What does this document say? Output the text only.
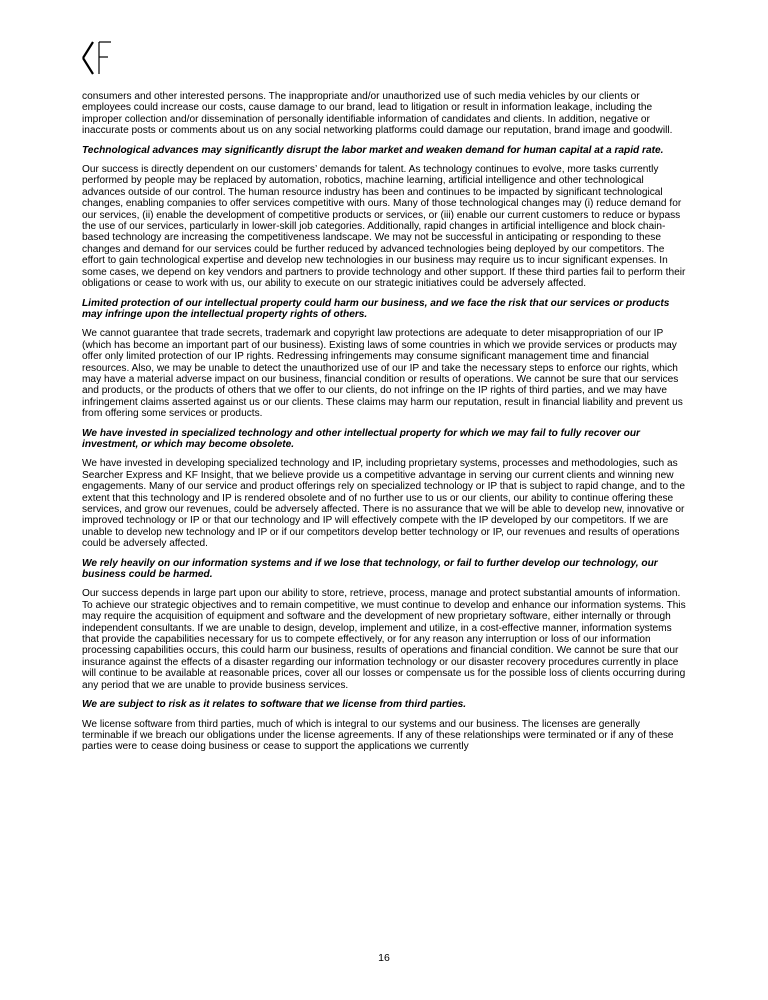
consumers and other interested persons. The inappropriate and/or unauthorized use of such media vehicles by our clients or employees could increase our costs, cause damage to our brand, lead to litigation or result in information leakage, including the improper collection and/or dissemination of personally identifiable information of candidates and clients. In addition, negative or inaccurate posts or comments about us on any social networking platforms could damage our reputation, brand image and goodwill.

Technological advances may significantly disrupt the labor market and weaken demand for human capital at a rapid rate.

Our success is directly dependent on our customers’ demands for talent. As technology continues to evolve, more tasks currently performed by people may be replaced by automation, robotics, machine learning, artificial intelligence and other technological advances outside of our control. The human resource industry has been and continues to be impacted by significant technological changes, enabling companies to offer services competitive with ours. Many of those technological changes may (i) reduce demand for our services, (ii) enable the development of competitive products or services, or (iii) enable our current customers to reduce or bypass the use of our services, particularly in lower-skill job categories. Additionally, rapid changes in artificial intelligence and block chain-based technology are increasing the competitiveness landscape. We may not be successful in anticipating or responding to these changes and demand for our services could be further reduced by advanced technologies being deployed by our competitors. The effort to gain technological expertise and develop new technologies in our business may require us to incur significant expenses. In some cases, we depend on key vendors and partners to provide technology and other support. If these third parties fail to perform their obligations or cease to work with us, our ability to execute on our strategic initiatives could be adversely affected.

Limited protection of our intellectual property could harm our business, and we face the risk that our services or products may infringe upon the intellectual property rights of others.

We cannot guarantee that trade secrets, trademark and copyright law protections are adequate to deter misappropriation of our IP (which has become an important part of our business). Existing laws of some countries in which we provide services or products may offer only limited protection of our IP rights. Redressing infringements may consume significant management time and financial resources. Also, we may be unable to detect the unauthorized use of our IP and take the necessary steps to enforce our rights, which may have a material adverse impact on our business, financial condition or results of operations. We cannot be sure that our services and products, or the products of others that we offer to our clients, do not infringe on the IP rights of third parties, and we may have infringement claims asserted against us or our clients. These claims may harm our reputation, result in financial liability and prevent us from offering some services or products.

We have invested in specialized technology and other intellectual property for which we may fail to fully recover our investment, or which may become obsolete.

We have invested in developing specialized technology and IP, including proprietary systems, processes and methodologies, such as Searcher Express and KF Insight, that we believe provide us a competitive advantage in serving our current clients and winning new engagements. Many of our service and product offerings rely on specialized technology or IP that is subject to rapid change, and to the extent that this technology and IP is rendered obsolete and of no further use to us or our clients, our ability to continue offering these services, and grow our revenues, could be adversely affected. There is no assurance that we will be able to develop new, innovative or improved technology or IP or that our technology and IP will effectively compete with the IP developed by our competitors. If we are unable to develop new technology and IP or if our competitors develop better technology or IP, our revenues and results of operations could be adversely affected.

We rely heavily on our information systems and if we lose that technology, or fail to further develop our technology, our business could be harmed.

Our success depends in large part upon our ability to store, retrieve, process, manage and protect substantial amounts of information. To achieve our strategic objectives and to remain competitive, we must continue to develop and enhance our information systems. This may require the acquisition of equipment and software and the development of new proprietary software, either internally or through independent consultants. If we are unable to design, develop, implement and utilize, in a cost-effective manner, information systems that provide the capabilities necessary for us to compete effectively, or for any reason any interruption or loss of our information processing capabilities occurs, this could harm our business, results of operations and financial condition. We cannot be sure that our insurance against the effects of a disaster regarding our information technology or our disaster recovery procedures currently in place will continue to be available at reasonable prices, cover all our losses or compensate us for the possible loss of clients occurring during any period that we are unable to provide business services.

We are subject to risk as it relates to software that we license from third parties.

We license software from third parties, much of which is integral to our systems and our business. The licenses are generally terminable if we breach our obligations under the license agreements. If any of these relationships were terminated or if any of these parties were to cease doing business or cease to support the applications we currently

16
